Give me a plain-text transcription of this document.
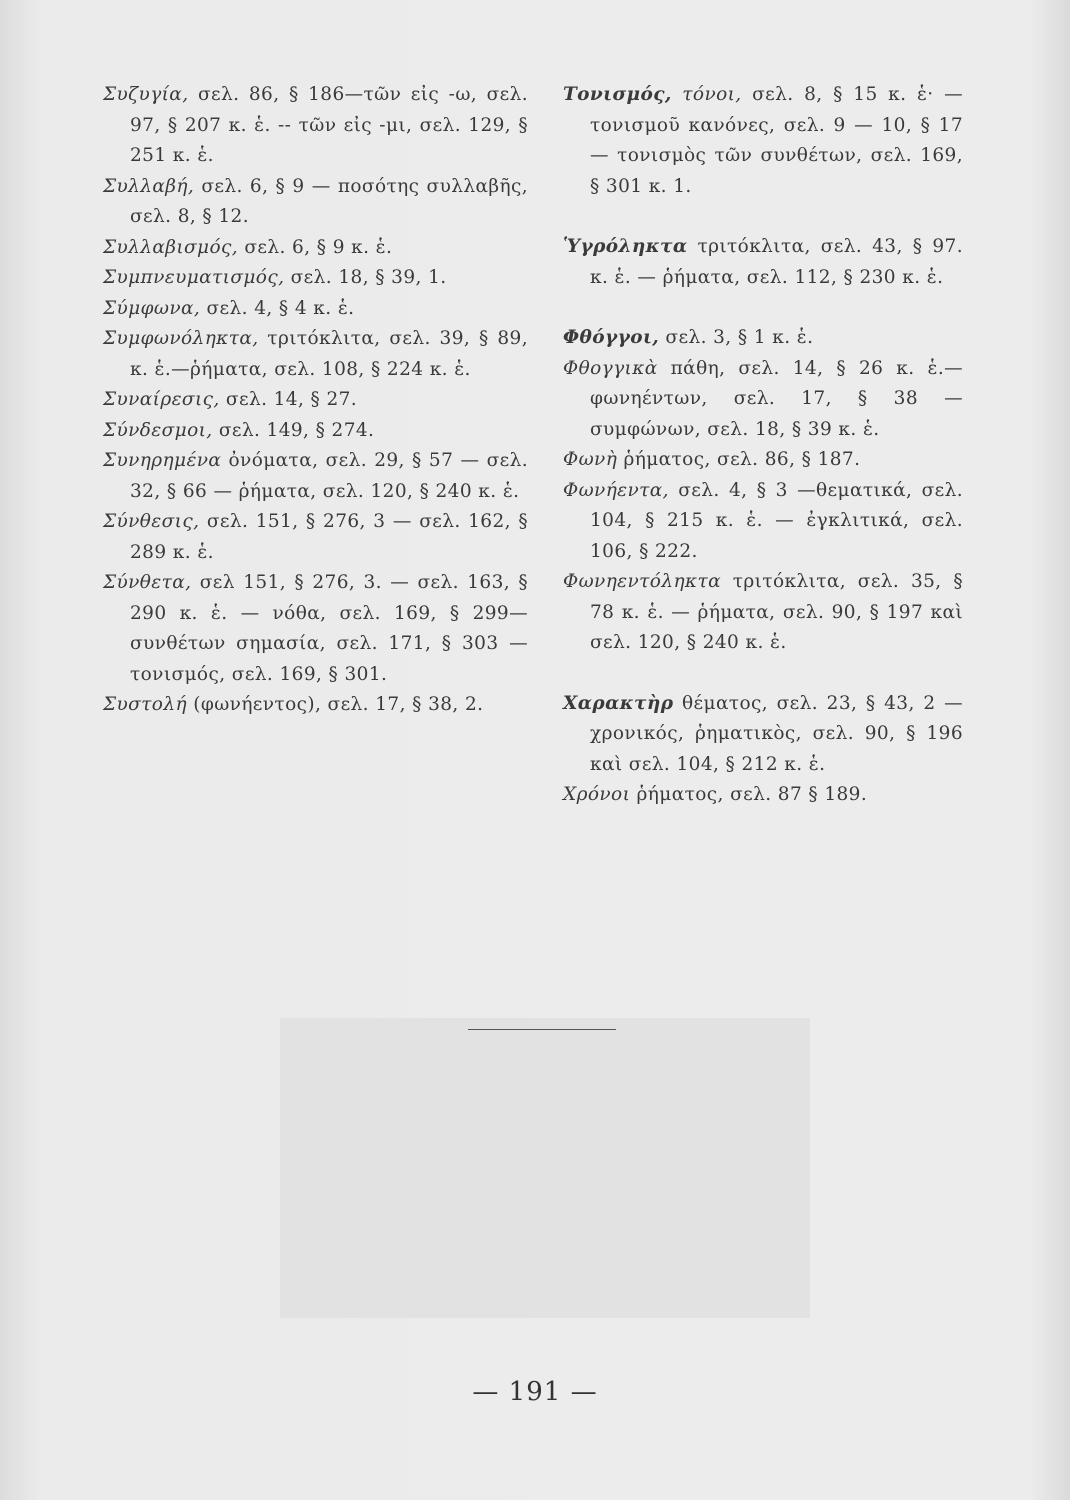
Συζυγία, σελ. 86, § 186—τῶν εἰς -ω, σελ. 97, § 207 κ. ἑ. -- τῶν εἰς -μι, σελ. 129, § 251 κ. ἑ.

Συλλαβή, σελ. 6, § 9 — ποσότης συλλαβῆς, σελ. 8, § 12.

Συλλαβισμός, σελ. 6, § 9 κ. ἑ.

Συμπνευματισμός, σελ. 18, § 39, 1.

Σύμφωνα, σελ. 4, § 4 κ. ἑ.

Συμφωνόληκτα, τριτόκλιτα, σελ. 39, § 89, κ. ἑ.—ῥήματα, σελ. 108, § 224 κ. ἑ.

Συναίρεσις, σελ. 14, § 27.

Σύνδεσμοι, σελ. 149, § 274.

Συνηρημένα ὀνόματα, σελ. 29, § 57 — σελ. 32, § 66 — ῥήματα, σελ. 120, § 240 κ. ἑ.

Σύνθεσις, σελ. 151, § 276, 3 — σελ. 162, § 289 κ. ἑ.

Σύνθετα, σελ 151, § 276, 3. — σελ. 163, § 290 κ. ἑ. — νόθα, σελ. 169, § 299—συνθέτων σημασία, σελ. 171, § 303 — τονισμός, σελ. 169, § 301.

Συστολή (φωνήεντος), σελ. 17, § 38, 2.

Τονισμός, τόνοι, σελ. 8, § 15 κ. ἑ· —τονισμοῦ κανόνες, σελ. 9 — 10, § 17 — τονισμὸς τῶν συνθέτων, σελ. 169, § 301 κ. 1.

Ὑγρόληκτα τριτόκλιτα, σελ. 43, § 97. κ. ἑ. — ῥήματα, σελ. 112, § 230 κ. ἑ.

Φθόγγοι, σελ. 3, § 1 κ. ἑ.

Φθογγικὰ πάθη, σελ. 14, § 26 κ. ἑ.—φωνηέντων, σελ. 17, § 38 —συμφώνων, σελ. 18, § 39 κ. ἑ.

Φωνὴ ῥήματος, σελ. 86, § 187.

Φωνήεντα, σελ. 4, § 3 —θεματικά, σελ. 104, § 215 κ. ἑ. — ἐγκλιτικά, σελ. 106, § 222.

Φωνηεντόληκτα τριτόκλιτα, σελ. 35, § 78 κ. ἑ. — ῥήματα, σελ. 90, § 197 καὶ σελ. 120, § 240 κ. ἑ.

Χαρακτὴρ θέματος, σελ. 23, § 43, 2 — χρονικός, ῥηματικὸς, σελ. 90, § 196 καὶ σελ. 104, § 212 κ. ἑ.

Χρόνοι ῥήματος, σελ. 87 § 189.

— 191 —
